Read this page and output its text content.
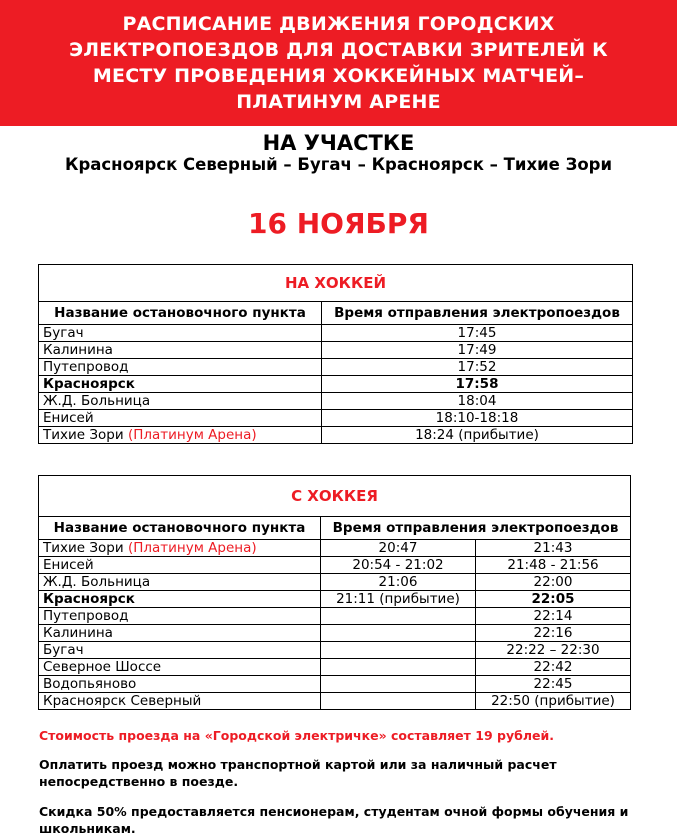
РАСПИСАНИЕ ДВИЖЕНИЯ ГОРОДСКИХ ЭЛЕКТРОПОЕЗДОВ ДЛЯ ДОСТАВКИ ЗРИТЕЛЕЙ К МЕСТУ ПРОВЕДЕНИЯ ХОККЕЙНЫХ МАТЧЕЙ– ПЛАТИНУМ АРЕНЕ
НА УЧАСТКЕ
Красноярск Северный – Бугач – Красноярск – Тихие Зори
16 НОЯБРЯ
НА ХОККЕЙ	
Название остановочного пункта	Время отправления электропоездов
Бугач	17:45
Калинина	17:49
Путепровод	17:52
Красноярск	17:58
Ж.Д. Больница	18:04
Енисей	18:10-18:18
Тихие Зори (Платинум Арена)	18:24 (прибытие)
С ХОККЕЯ		
Название остановочного пункта	Время отправления электропоездов	
Тихие Зори (Платинум Арена)	20:47	21:43
Енисей	20:54 - 21:02	21:48 - 21:56
Ж.Д. Больница	21:06	22:00
Красноярск	21:11 (прибытие)	22:05
Путепровод		22:14
Калинина		22:16
Бугач		22:22 – 22:30
Северное Шоссе		22:42
Водопьяново		22:45
Красноярск Северный		22:50 (прибытие)
Стоимость проезда на «Городской электричке» составляет 19 рублей.
Оплатить проезд можно транспортной картой или за наличный расчет непосредственно в поезде.
Скидка 50% предоставляется пенсионерам, студентам очной формы обучения и школьникам.
